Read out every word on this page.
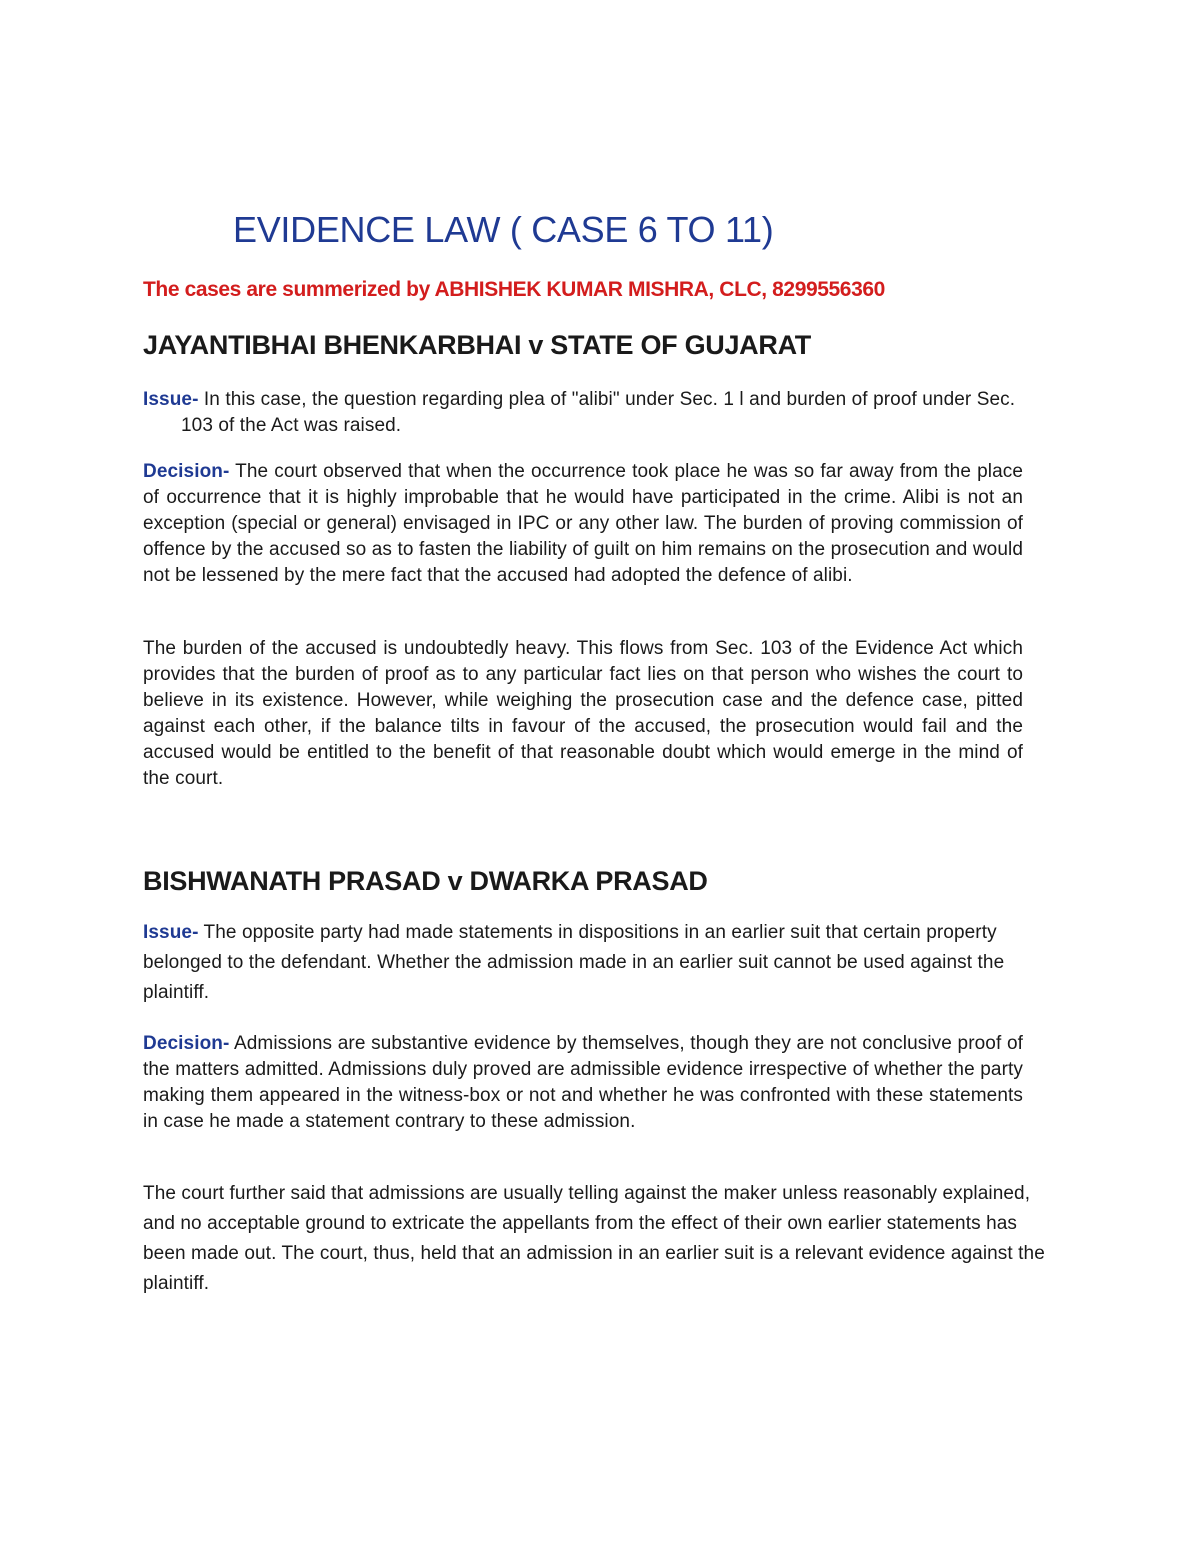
EVIDENCE LAW ( CASE 6 TO 11)

The cases are summerized by ABHISHEK KUMAR MISHRA, CLC, 8299556360

JAYANTIBHAI BHENKARBHAI v STATE OF GUJARAT

Issue- In this case, the question regarding plea of "alibi" under Sec. 1 l and burden of proof under Sec. 103 of the Act was raised.

Decision- The court observed that when the occurrence took place he was so far away from the place of occurrence that it is highly improbable that he would have participated in the crime. Alibi is not an exception (special or general) envisaged in IPC or any other law. The burden of proving commission of offence by the accused so as to fasten the liability of guilt on him remains on the prosecution and would not be lessened by the mere fact that the accused had adopted the defence of alibi.

The burden of the accused is undoubtedly heavy. This flows from Sec. 103 of the Evidence Act which provides that the burden of proof as to any particular fact lies on that person who wishes the court to believe in its existence. However, while weighing the prosecution case and the defence case, pitted against each other, if the balance tilts in favour of the accused, the prosecution would fail and the accused would be entitled to the benefit of that reasonable doubt which would emerge in the mind of the court.

BISHWANATH PRASAD v DWARKA PRASAD

Issue- The opposite party had made statements in dispositions in an earlier suit that certain property belonged to the defendant. Whether the admission made in an earlier suit cannot be used against the plaintiff.

Decision- Admissions are substantive evidence by themselves, though they are not conclusive proof of the matters admitted. Admissions duly proved are admissible evidence irrespective of whether the party making them appeared in the witness-box or not and whether he was confronted with these statements in case he made a statement contrary to these admission.

The court further said that admissions are usually telling against the maker unless reasonably explained, and no acceptable ground to extricate the appellants from the effect of their own earlier statements has been made out. The court, thus, held that an admission in an earlier suit is a relevant evidence against the plaintiff.
